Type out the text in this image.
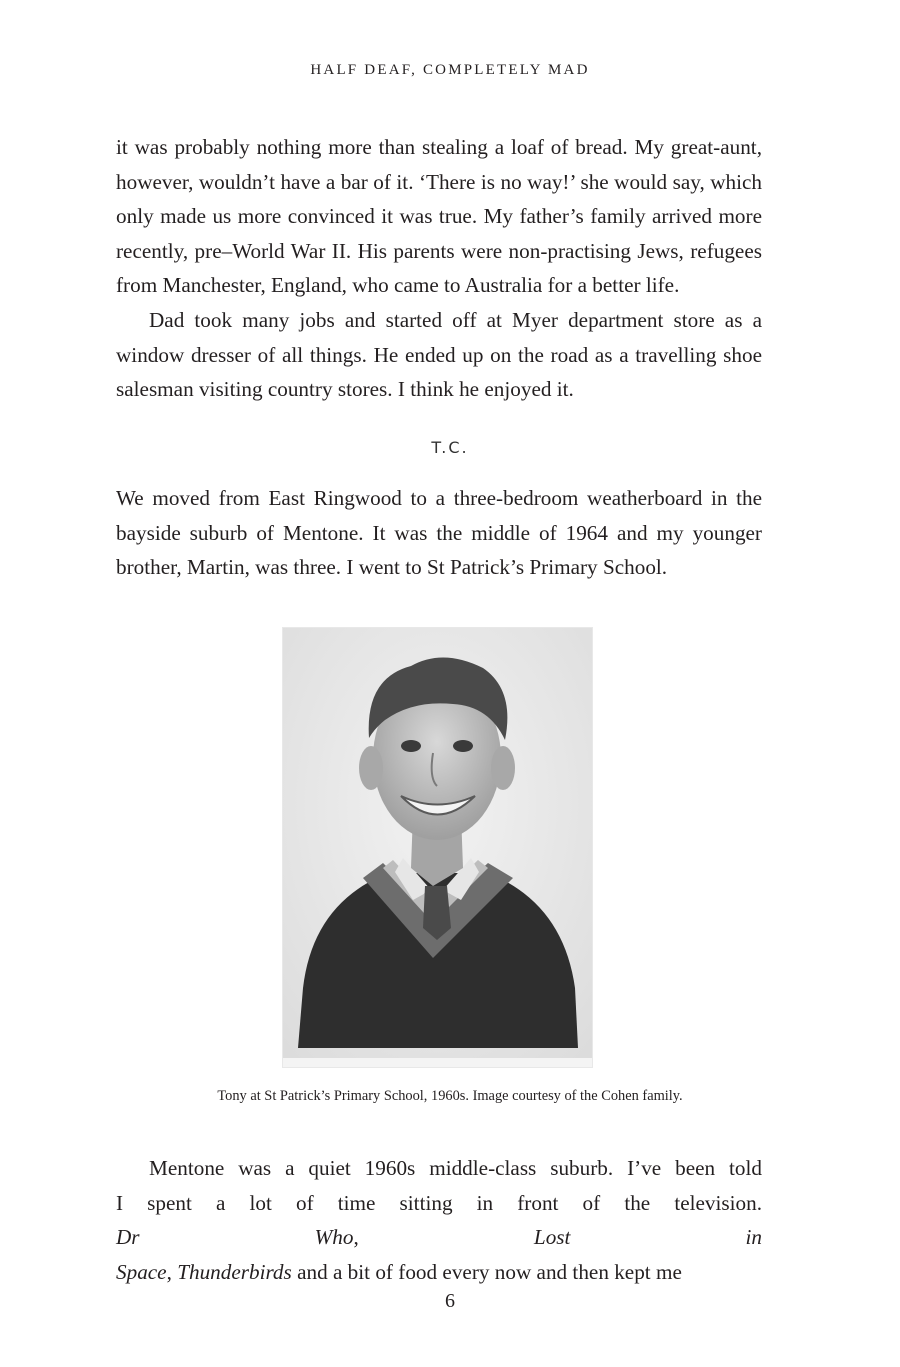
HALF DEAF, COMPLETELY MAD

it was probably nothing more than stealing a loaf of bread. My great-aunt,

however, wouldn’t have a bar of it. ‘There is no way!’ she would say, which

only made us more convinced it was true. My father’s family arrived more

recently, pre–World War II. His parents were non-practising Jews, refugees

from Manchester, England, who came to Australia for a better life.

Dad took many jobs and started off at Myer department store as a

window dresser of all things. He ended up on the road as a travelling shoe

salesman visiting country stores. I think he enjoyed it.

T.C.

We moved from East Ringwood to a three-bedroom weatherboard in the

bayside suburb of Mentone. It was the middle of 1964 and my younger

brother, Martin, was three. I went to St Patrick’s Primary School.

Tony at St Patrick’s Primary School, 1960s. Image courtesy of the Cohen family.

Mentone was a quiet 1960s middle-class suburb. I’ve been told

I spent a lot of time sitting in front of the television.

Dr Who,	Lost in

Space, Thunderbirds and a bit of food every now and then kept me

6
